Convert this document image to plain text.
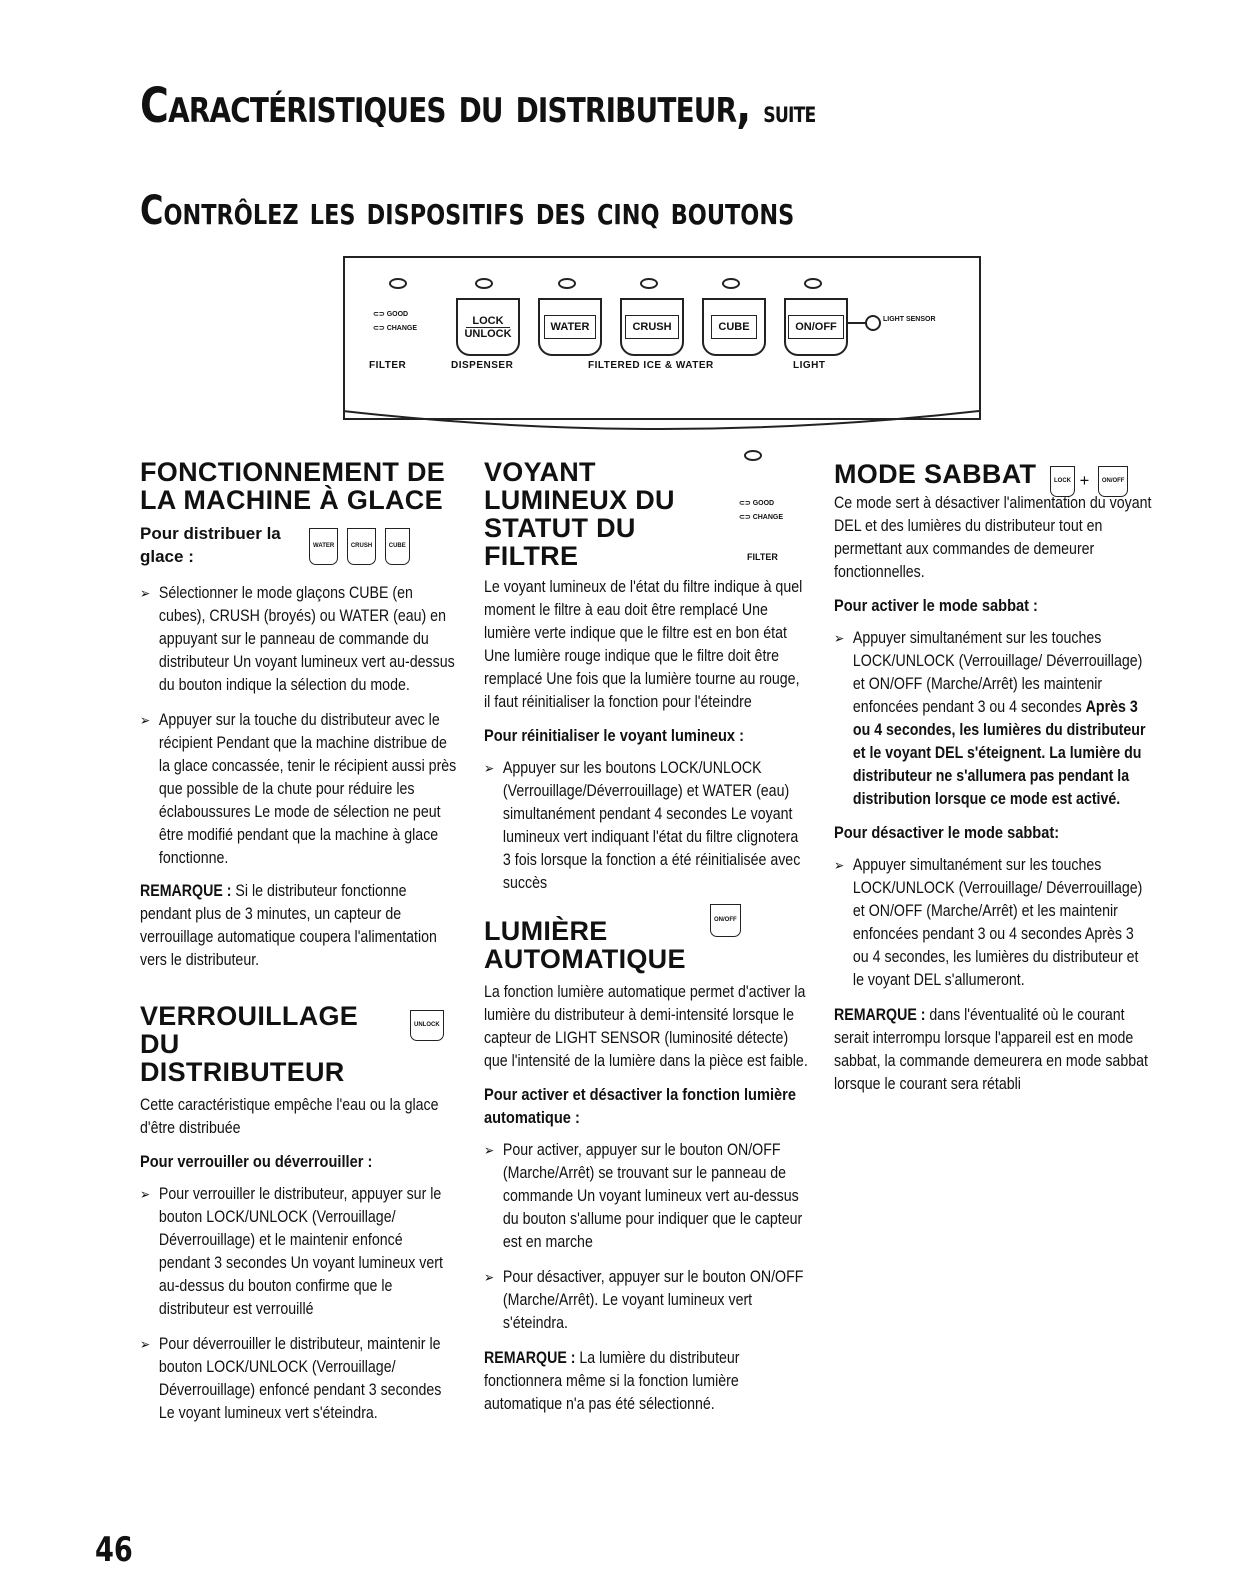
Caractéristiques du distributeur, suite
Contrôlez les dispositifs des cinq boutons
⊂⊃ GOOD
⊂⊃ CHANGE
LOCK
UNLOCK
WATER	CRUSH	CUBE	ON/OFF
LIGHT SENSOR
FILTER	DISPENSER	FILTERED ICE & WATER	LIGHT

FONCTIONNEMENT DE LA MACHINE À GLACE

Pour distribuer la glace :

WATER	CRUSH	CUBE

➢ Sélectionner le mode glaçons CUBE (en cubes), CRUSH (broyés) ou WATER (eau) en appuyant sur le panneau de commande du distributeur Un voyant lumineux vert au-dessus du bouton indique la sélection du mode.

➢ Appuyer sur la touche du distributeur avec le récipient Pendant que la machine distribue de la glace concassée, tenir le récipient aussi près que possible de la chute pour réduire les éclaboussures Le mode de sélection ne peut être modifié pendant que la machine à glace fonctionne.

REMARQUE : Si le distributeur fonctionne pendant plus de 3 minutes, un capteur de verrouillage automatique coupera l'alimentation vers le distributeur.

VERROUILLAGE DU DISTRIBUTEUR

UNLOCK

Cette caractéristique empêche l'eau ou la glace d'être distribuée

Pour verrouiller ou déverrouiller :

➢ Pour verrouiller le distributeur, appuyer sur le bouton LOCK/UNLOCK (Verrouillage/ Déverrouillage) et le maintenir enfoncé pendant 3 secondes Un voyant lumineux vert au-dessus du bouton confirme que le distributeur est verrouillé

➢ Pour déverrouiller le distributeur, maintenir le bouton LOCK/UNLOCK (Verrouillage/ Déverrouillage) enfoncé pendant 3 secondes Le voyant lumineux vert s'éteindra.

VOYANT LUMINEUX DU STATUT DU FILTRE

⊂⊃ GOOD
⊂⊃ CHANGE
FILTER

Le voyant lumineux de l'état du filtre indique à quel moment le filtre à eau doit être remplacé Une lumière verte indique que le filtre est en bon état Une lumière rouge indique que le filtre doit être remplacé Une fois que la lumière tourne au rouge, il faut réinitialiser la fonction pour l'éteindre

Pour réinitialiser le voyant lumineux :

➢ Appuyer sur les boutons LOCK/UNLOCK (Verrouillage/Déverrouillage) et WATER (eau) simultanément pendant 4 secondes Le voyant lumineux vert indiquant l'état du filtre clignotera 3 fois lorsque la fonction a été réinitialisée avec succès

LUMIÈRE AUTOMATIQUE

ON/OFF

La fonction lumière automatique permet d'activer la lumière du distributeur à demi-intensité lorsque le capteur de LIGHT SENSOR (luminosité détecte) que l'intensité de la lumière dans la pièce est faible.

Pour activer et désactiver la fonction lumière automatique :

➢ Pour activer, appuyer sur le bouton ON/OFF (Marche/Arrêt) se trouvant sur le panneau de commande Un voyant lumineux vert au-dessus du bouton s'allume pour indiquer que le capteur est en marche

➢ Pour désactiver, appuyer sur le bouton ON/OFF (Marche/Arrêt). Le voyant lumineux vert s'éteindra.

REMARQUE : La lumière du distributeur fonctionnera même si la fonction lumière automatique n'a pas été sélectionné.

MODE SABBAT	LOCK + ON/OFF

Ce mode sert à désactiver l'alimentation du voyant DEL et des lumières du distributeur tout en permettant aux commandes de demeurer fonctionnelles.

Pour activer le mode sabbat :

➢ Appuyer simultanément sur les touches LOCK/UNLOCK (Verrouillage/ Déverrouillage) et ON/OFF (Marche/Arrêt) les maintenir enfoncées pendant 3 ou 4 secondes Après 3 ou 4 secondes, les lumières du distributeur et le voyant DEL s'éteignent. La lumière du distributeur ne s'allumera pas pendant la distribution lorsque ce mode est activé.

Pour désactiver le mode sabbat:

➢ Appuyer simultanément sur les touches LOCK/UNLOCK (Verrouillage/ Déverrouillage) et ON/OFF (Marche/Arrêt) et les maintenir enfoncées pendant 3 ou 4 secondes Après 3 ou 4 secondes, les lumières du distributeur et le voyant DEL s'allumeront.

REMARQUE : dans l'éventualité où le courant serait interrompu lorsque l'appareil est en mode sabbat, la commande demeurera en mode sabbat lorsque le courant sera rétabli

46
